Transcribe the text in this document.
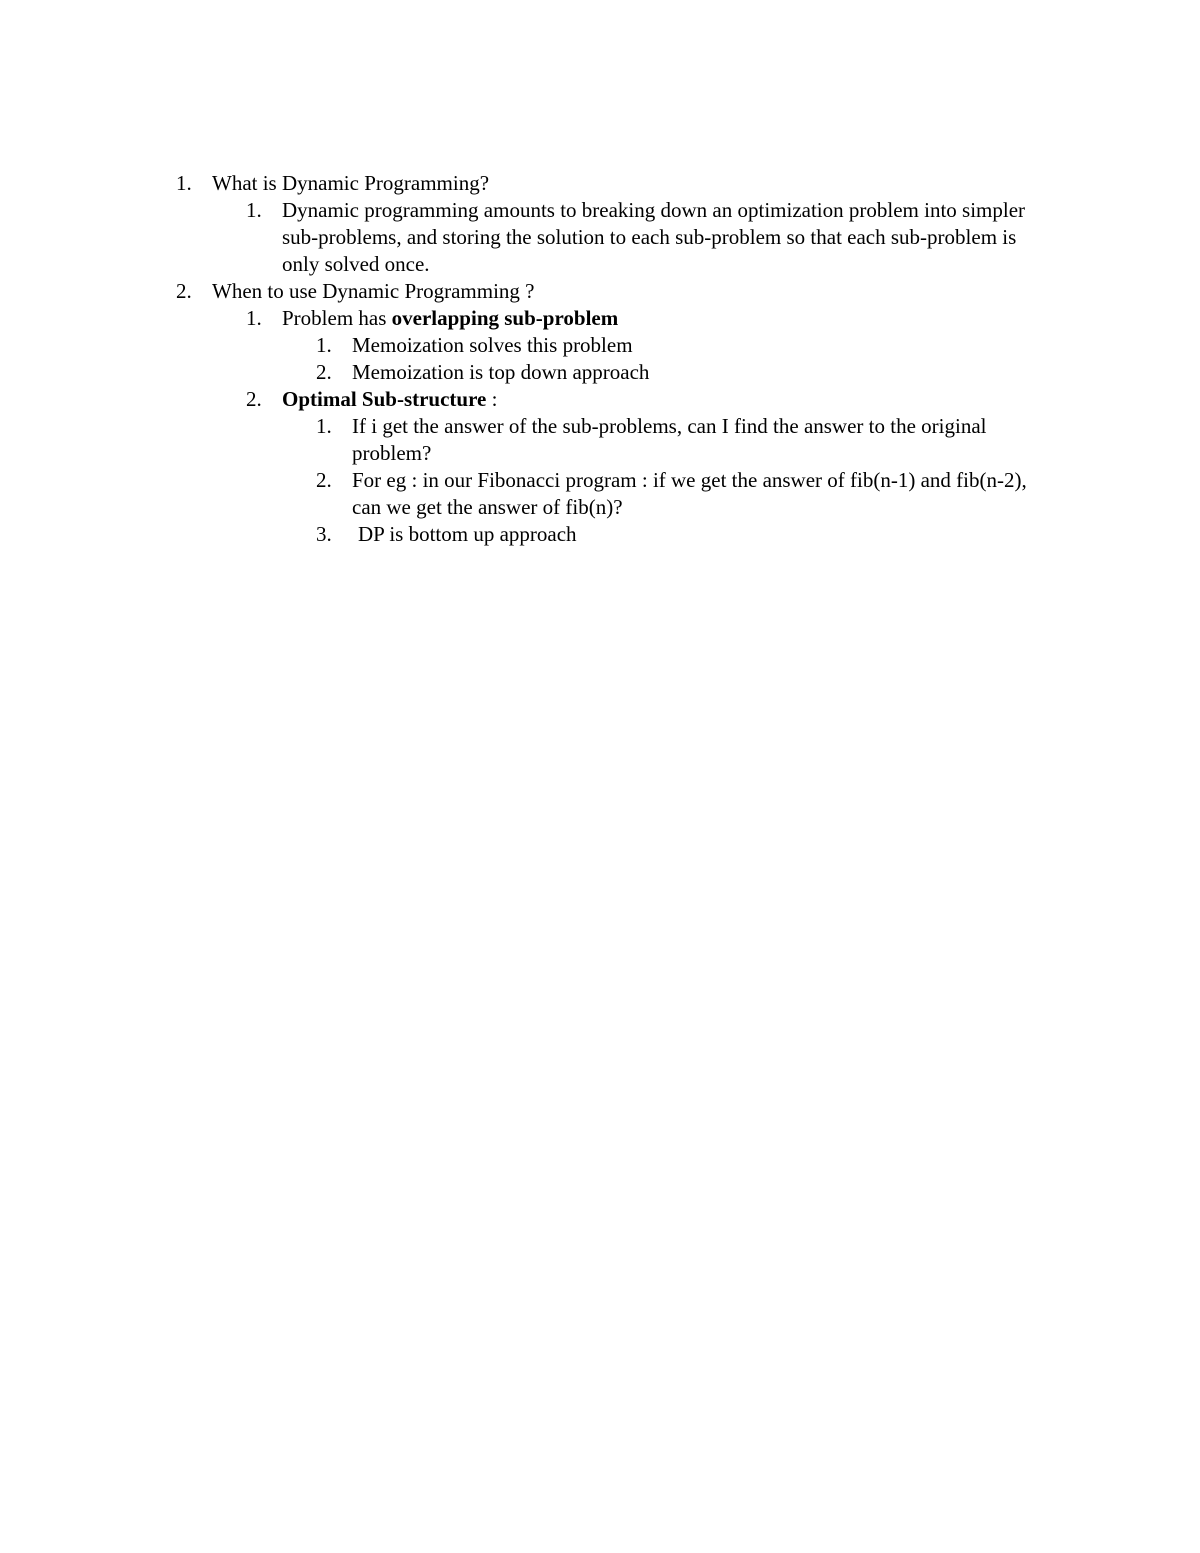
1. What is Dynamic Programming?
1. Dynamic programming amounts to breaking down an optimization problem into simpler sub-problems, and storing the solution to each sub-problem so that each sub-problem is only solved once.
2. When to use Dynamic Programming ?
1. Problem has overlapping sub-problem
1. Memoization solves this problem
2. Memoization is top down approach
2. Optimal Sub-structure :
1. If i get the answer of the sub-problems, can I find the answer to the original problem?
2. For eg : in our Fibonacci program : if we get the answer of fib(n-1) and fib(n-2), can we get the answer of fib(n)?
3.	DP is bottom up approach
